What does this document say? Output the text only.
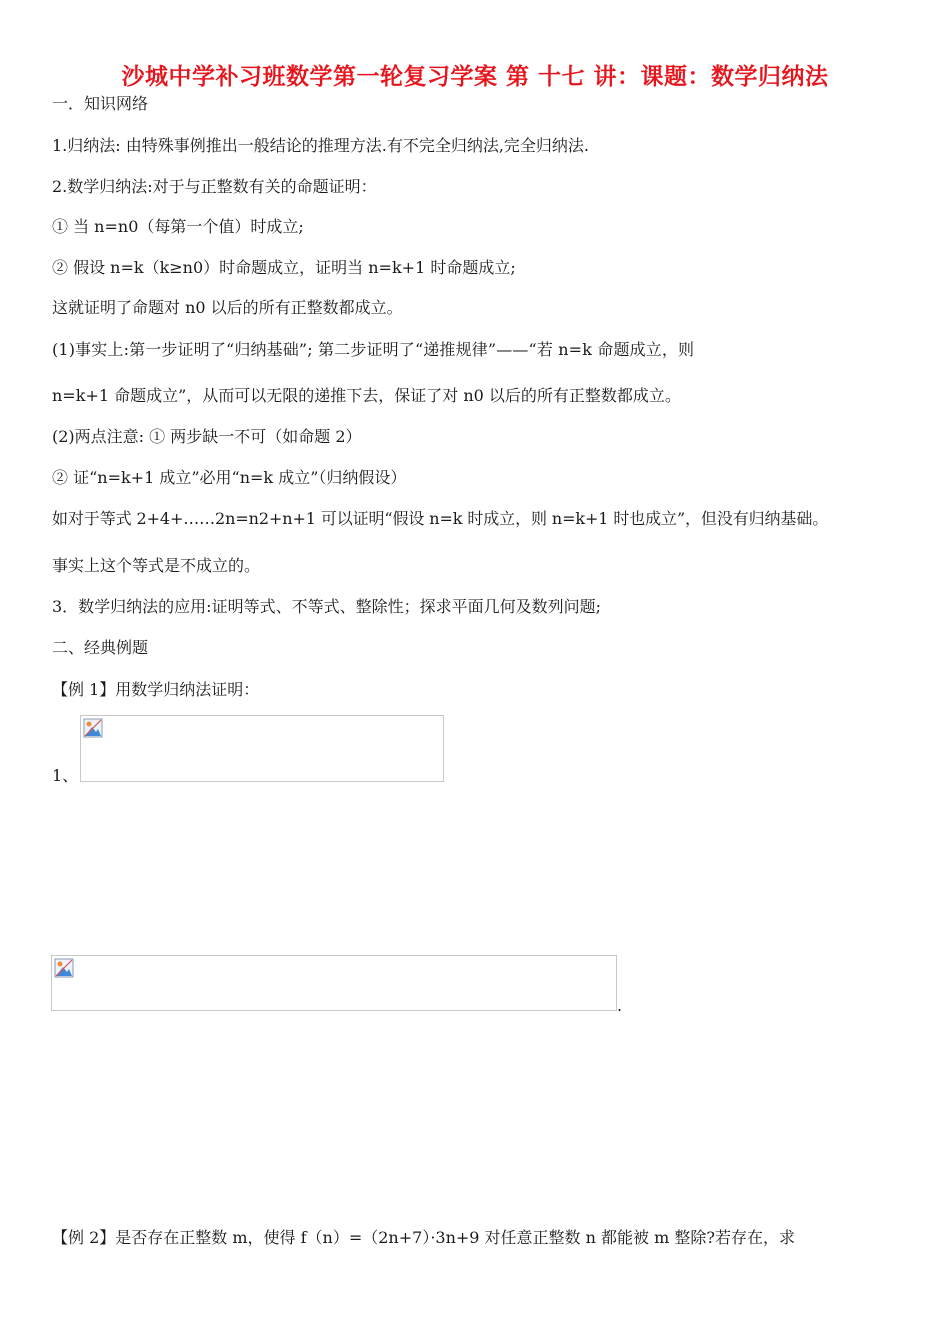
沙城中学补习班数学第一轮复习学案 第 十七 讲：课题：数学归纳法
一．知识网络
1.归纳法: 由特殊事例推出一般结论的推理方法.有不完全归纳法,完全归纳法.
2.数学归纳法:对于与正整数有关的命题证明：
① 当 n=n0（每第一个值）时成立;
② 假设 n=k（k≥n0）时命题成立，证明当 n=k+1 时命题成立;
这就证明了命题对 n0 以后的所有正整数都成立。
(1)事实上:第一步证明了“归纳基础”; 第二步证明了“递推规律”——“若 n=k 命题成立，则
n=k+1 命题成立”，从而可以无限的递推下去，保证了对 n0 以后的所有正整数都成立。
(2)两点注意: ① 两步缺一不可（如命题 2）
② 证“n=k+1 成立”必用“n=k 成立”（归纳假设）
如对于等式 2+4+……2n=n2+n+1 可以证明“假设 n=k 时成立，则 n=k+1 时也成立”，但没有归纳基础。
事实上这个等式是不成立的。
3．数学归纳法的应用:证明等式、不等式、整除性；探求平面几何及数列问题;
二、经典例题
【例 1】用数学归纳法证明：
1、
.
【例 2】是否存在正整数 m，使得 f（n）=（2n+7）·3n+9 对任意正整数 n 都能被 m 整除?若存在，求
